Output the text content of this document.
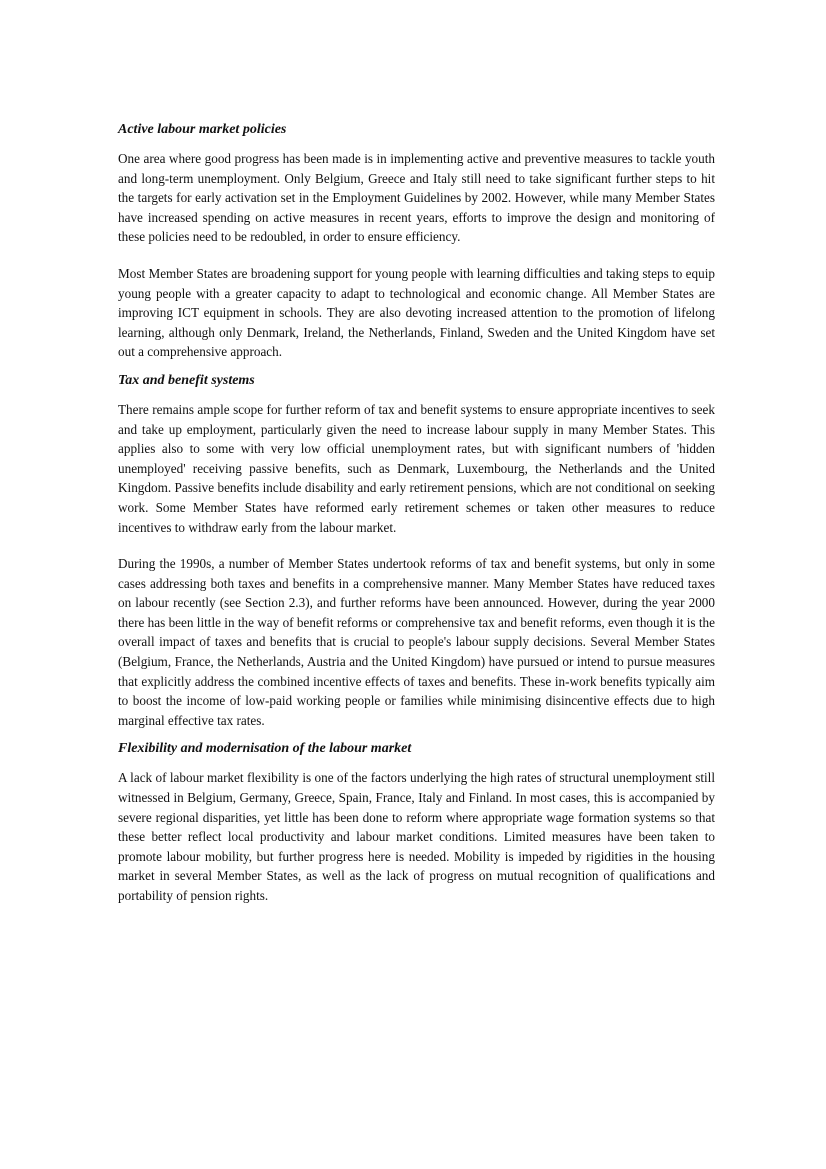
Active labour market policies

One area where good progress has been made is in implementing active and preventive measures to tackle youth and long-term unemployment. Only Belgium, Greece and Italy still need to take significant further steps to hit the targets for early activation set in the Employment Guidelines by 2002. However, while many Member States have increased spending on active measures in recent years, efforts to improve the design and monitoring of these policies need to be redoubled, in order to ensure efficiency.

Most Member States are broadening support for young people with learning difficulties and taking steps to equip young people with a greater capacity to adapt to technological and economic change. All Member States are improving ICT equipment in schools. They are also devoting increased attention to the promotion of lifelong learning, although only Denmark, Ireland, the Netherlands, Finland, Sweden and the United Kingdom have set out a comprehensive approach.

Tax and benefit systems

There remains ample scope for further reform of tax and benefit systems to ensure appropriate incentives to seek and take up employment, particularly given the need to increase labour supply in many Member States. This applies also to some with very low official unemployment rates, but with significant numbers of 'hidden unemployed' receiving passive benefits, such as Denmark, Luxembourg, the Netherlands and the United Kingdom. Passive benefits include disability and early retirement pensions, which are not conditional on seeking work. Some Member States have reformed early retirement schemes or taken other measures to reduce incentives to withdraw early from the labour market.

During the 1990s, a number of Member States undertook reforms of tax and benefit systems, but only in some cases addressing both taxes and benefits in a comprehensive manner. Many Member States have reduced taxes on labour recently (see Section 2.3), and further reforms have been announced. However, during the year 2000 there has been little in the way of benefit reforms or comprehensive tax and benefit reforms, even though it is the overall impact of taxes and benefits that is crucial to people's labour supply decisions. Several Member States (Belgium, France, the Netherlands, Austria and the United Kingdom) have pursued or intend to pursue measures that explicitly address the combined incentive effects of taxes and benefits. These in-work benefits typically aim to boost the income of low-paid working people or families while minimising disincentive effects due to high marginal effective tax rates.

Flexibility and modernisation of the labour market

A lack of labour market flexibility is one of the factors underlying the high rates of structural unemployment still witnessed in Belgium, Germany, Greece, Spain, France, Italy and Finland. In most cases, this is accompanied by severe regional disparities, yet little has been done to reform where appropriate wage formation systems so that these better reflect local productivity and labour market conditions. Limited measures have been taken to promote labour mobility, but further progress here is needed. Mobility is impeded by rigidities in the housing market in several Member States, as well as the lack of progress on mutual recognition of qualifications and portability of pension rights.
